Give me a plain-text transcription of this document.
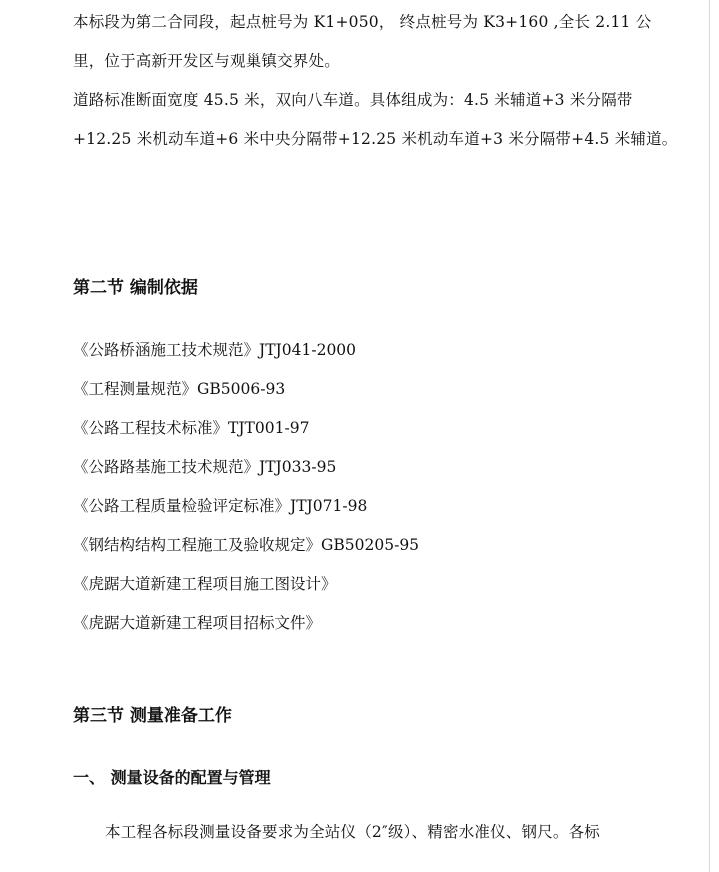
本标段为第二合同段，起点桩号为 K1+050， 终点桩号为 K3+160 ,全长 2.11 公
里，位于高新开发区与观巢镇交界处。
道路标准断面宽度 45.5 米，双向八车道。具体组成为：4.5 米辅道+3 米分隔带
+12.25 米机动车道+6 米中央分隔带+12.25 米机动车道+3 米分隔带+4.5 米辅道。
第二节 编制依据
《公路桥涵施工技术规范》JTJ041-2000
《工程测量规范》GB5006-93
《公路工程技术标准》TJT001-97
《公路路基施工技术规范》JTJ033-95
《公路工程质量检验评定标准》JTJ071-98
《钢结构结构工程施工及验收规定》GB50205-95
《虎踞大道新建工程项目施工图设计》
《虎踞大道新建工程项目招标文件》
第三节 测量准备工作
一、 测量设备的配置与管理
本工程各标段测量设备要求为全站仪（2″级）、精密水准仪、钢尺。各标
